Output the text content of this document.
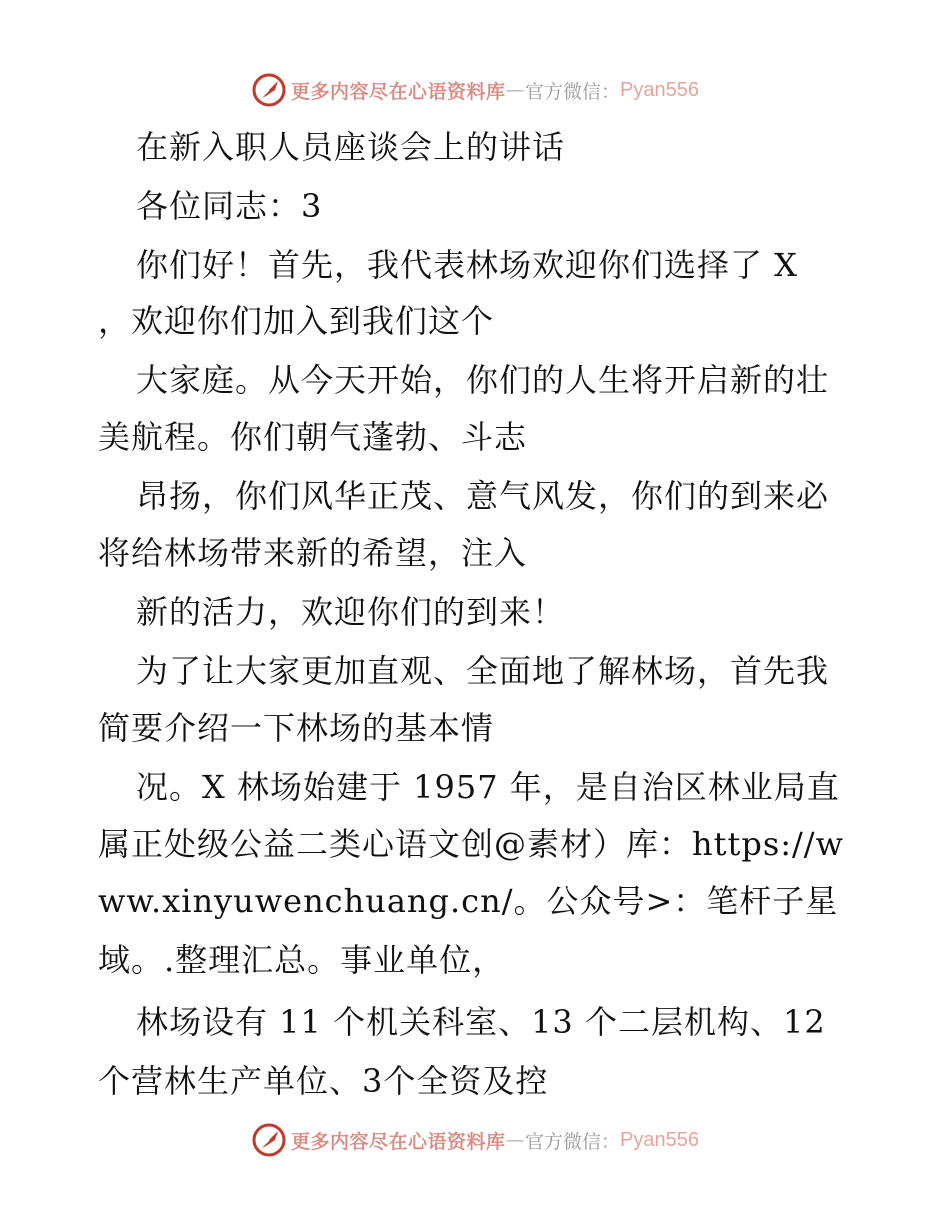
更多内容尽在心语资料库 — 官方微信： Pyan556
在新入职人员座谈会上的讲话
各位同志：3
你们好！首先，我代表林场欢迎你们选择了 X
，欢迎你们加入到我们这个
大家庭。从今天开始，你们的人生将开启新的壮
美航程。你们朝气蓬勃、斗志
昂扬，你们风华正茂、意气风发，你们的到来必
将给林场带来新的希望，注入
新的活力，欢迎你们的到来！
为了让大家更加直观、全面地了解林场，首先我
简要介绍一下林场的基本情
况。X 林场始建于 1957 年，是自治区林业局直
属正处级公益二类心语文创@素材）库：https://w
ww.xinyuwenchuang.cn/。公众号>：笔杆子星
域。.整理汇总。事业单位，
林场设有 11 个机关科室、13 个二层机构、12
个营林生产单位、3个全资及控
更多内容尽在心语资料库 — 官方微信： Pyan556
